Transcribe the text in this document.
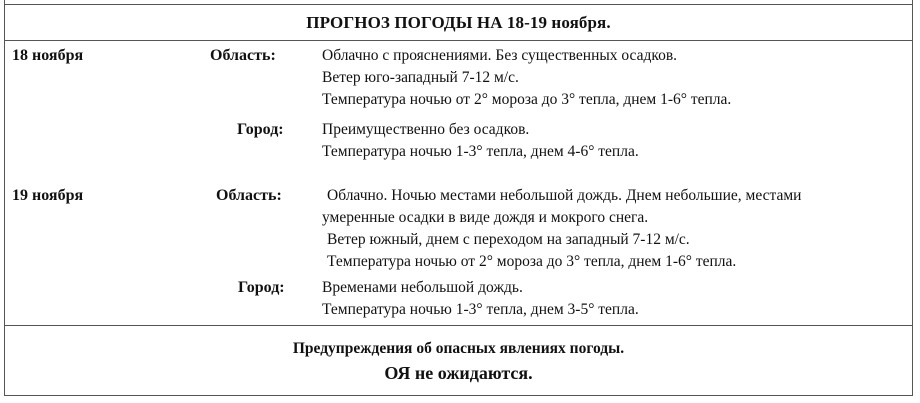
ПРОГНОЗ ПОГОДЫ НА 18-19 ноября.
18 ноября	Область:	Облачно с прояснениями. Без существенных осадков.
Ветер юго-западный 7-12 м/с.
Температура ночью от 2° мороза до 3° тепла, днем 1-6° тепла.
Город: Преимущественно без осадков.
Температура ночью 1-3° тепла, днем 4-6° тепла.
19 ноября	Область:	Облачно. Ночью местами небольшой дождь. Днем небольшие, местами
умеренные осадки в виде дождя и мокрого снега.
Ветер южный, днем с переходом на западный 7-12 м/с.
Температура ночью от 2° мороза до 3° тепла, днем 1-6° тепла.
Город: Временами небольшой дождь.
Температура ночью 1-3° тепла, днем 3-5° тепла.
Предупреждения об опасных явлениях погоды.
ОЯ не ожидаются.
